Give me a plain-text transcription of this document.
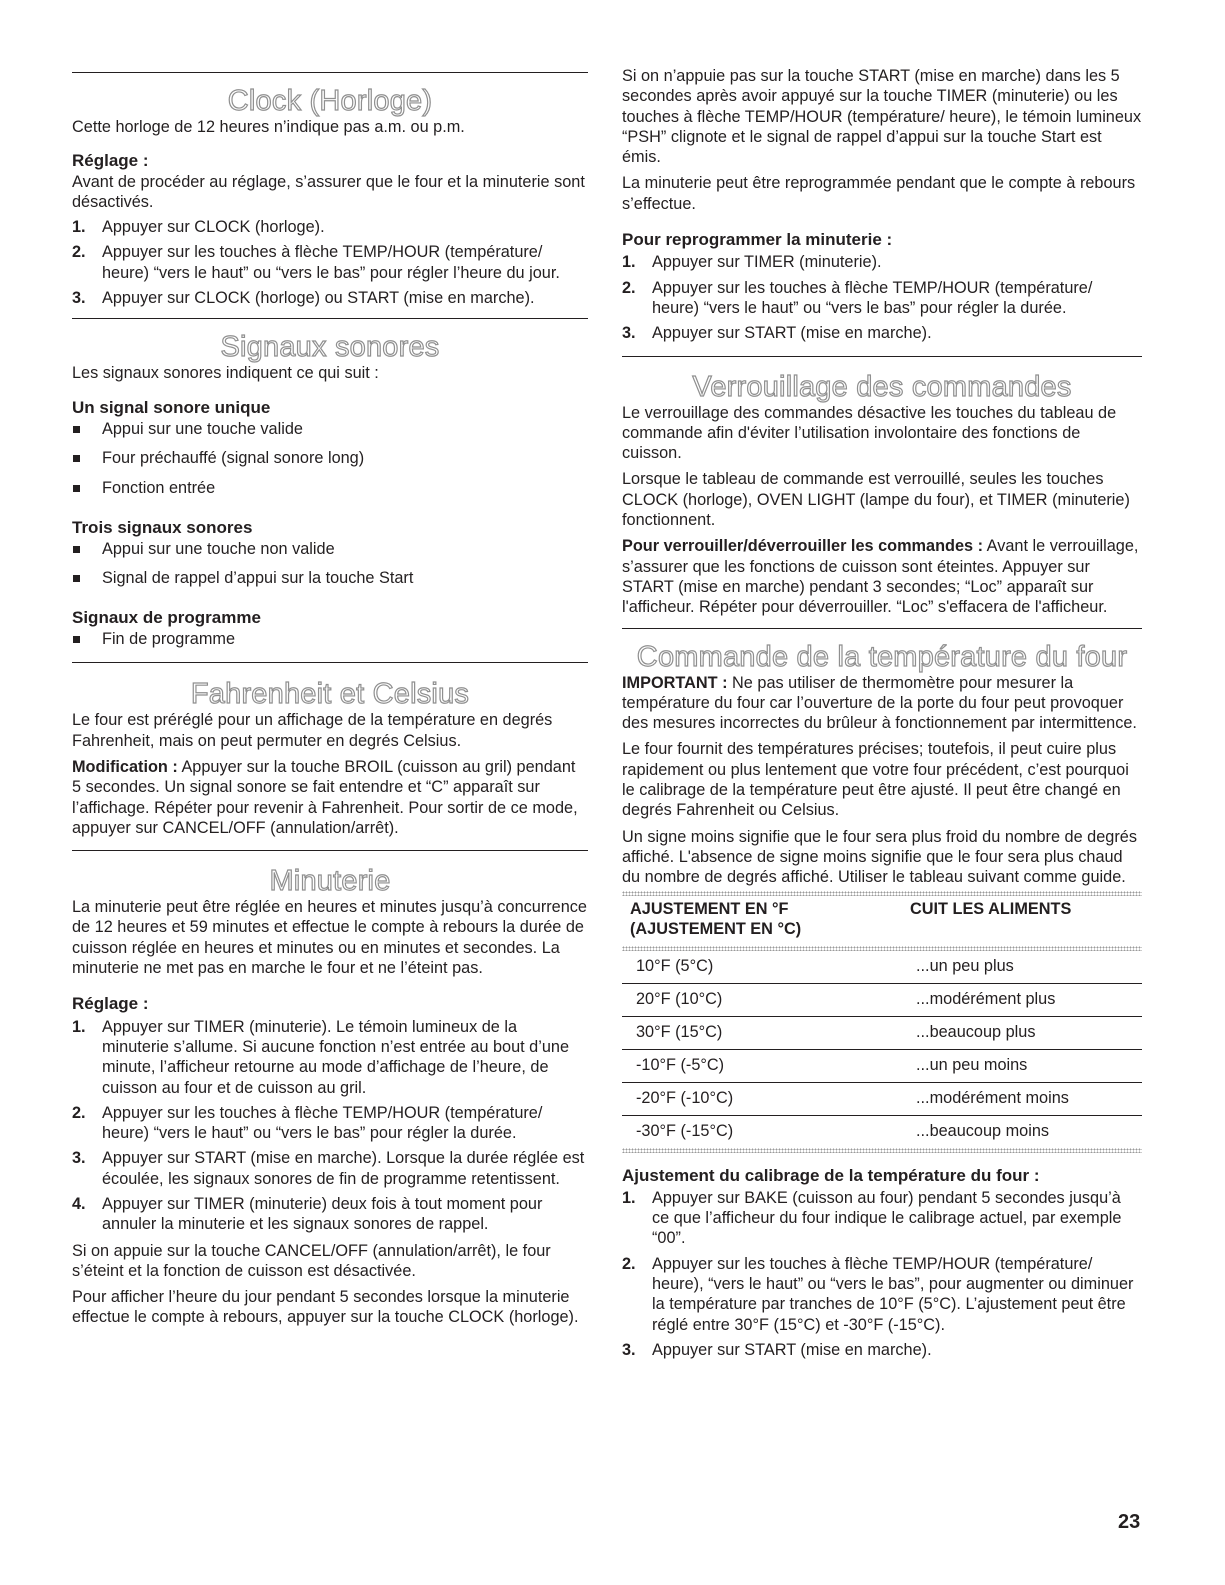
Clock (Horloge)

Cette horloge de 12 heures n’indique pas a.m. ou p.m.

Réglage :

Avant de procéder au réglage, s’assurer que le four et la minuterie sont désactivés.

1. Appuyer sur CLOCK (horloge).
2. Appuyer sur les touches à flèche TEMP/HOUR (température/ heure) “vers le haut” ou “vers le bas” pour régler l’heure du jour.
3. Appuyer sur CLOCK (horloge) ou START (mise en marche).
Signaux sonores

Les signaux sonores indiquent ce qui suit :

Un signal sonore unique

Appui sur une touche valide
Four préchauffé (signal sonore long)
Fonction entrée

Trois signaux sonores

Appui sur une touche non valide
Signal de rappel d’appui sur la touche Start

Signaux de programme

Fin de programme
Fahrenheit et Celsius

Le four est préréglé pour un affichage de la température en degrés Fahrenheit, mais on peut permuter en degrés Celsius.

Modification : Appuyer sur la touche BROIL (cuisson au gril) pendant 5 secondes. Un signal sonore se fait entendre et “C” apparaît sur l’affichage. Répéter pour revenir à Fahrenheit. Pour sortir de ce mode, appuyer sur CANCEL/OFF (annulation/arrêt).

Minuterie

La minuterie peut être réglée en heures et minutes jusqu’à concurrence de 12 heures et 59 minutes et effectue le compte à rebours la durée de cuisson réglée en heures et minutes ou en minutes et secondes. La minuterie ne met pas en marche le four et ne l’éteint pas.

Réglage :

1. Appuyer sur TIMER (minuterie). Le témoin lumineux de la minuterie s’allume. Si aucune fonction n’est entrée au bout d’une minute, l’afficheur retourne au mode d’affichage de l’heure, de cuisson au four et de cuisson au gril.
2. Appuyer sur les touches à flèche TEMP/HOUR (température/ heure) “vers le haut” ou “vers le bas” pour régler la durée.
3. Appuyer sur START (mise en marche). Lorsque la durée réglée est écoulée, les signaux sonores de fin de programme retentissent.
4. Appuyer sur TIMER (minuterie) deux fois à tout moment pour annuler la minuterie et les signaux sonores de rappel.

Si on appuie sur la touche CANCEL/OFF (annulation/arrêt), le four s’éteint et la fonction de cuisson est désactivée.

Pour afficher l’heure du jour pendant 5 secondes lorsque la minuterie effectue le compte à rebours, appuyer sur la touche CLOCK (horloge).

Si on n’appuie pas sur la touche START (mise en marche) dans les 5 secondes après avoir appuyé sur la touche TIMER (minuterie) ou les touches à flèche TEMP/HOUR (température/ heure), le témoin lumineux “PSH” clignote et le signal de rappel d’appui sur la touche Start est émis.

La minuterie peut être reprogrammée pendant que le compte à rebours s’effectue.

Pour reprogrammer la minuterie :

1. Appuyer sur TIMER (minuterie).
2. Appuyer sur les touches à flèche TEMP/HOUR (température/ heure) “vers le haut” ou “vers le bas” pour régler la durée.
3. Appuyer sur START (mise en marche).
Verrouillage des commandes

Le verrouillage des commandes désactive les touches du tableau de commande afin d'éviter l’utilisation involontaire des fonctions de cuisson.

Lorsque le tableau de commande est verrouillé, seules les touches CLOCK (horloge), OVEN LIGHT (lampe du four), et TIMER (minuterie) fonctionnent.

Pour verrouiller/déverrouiller les commandes : Avant le verrouillage, s’assurer que les fonctions de cuisson sont éteintes. Appuyer sur START (mise en marche) pendant 3 secondes; “Loc” apparaît sur l'afficheur. Répéter pour déverrouiller. “Loc” s'effacera de l'afficheur.

Commande de la température du four

IMPORTANT : Ne pas utiliser de thermomètre pour mesurer la température du four car l’ouverture de la porte du four peut provoquer des mesures incorrectes du brûleur à fonctionnement par intermittence.

Le four fournit des températures précises; toutefois, il peut cuire plus rapidement ou plus lentement que votre four précédent, c’est pourquoi le calibrage de la température peut être ajusté. Il peut être changé en degrés Fahrenheit ou Celsius.

Un signe moins signifie que le four sera plus froid du nombre de degrés affiché. L'absence de signe moins signifie que le four sera plus chaud du nombre de degrés affiché. Utiliser le tableau suivant comme guide.

AJUSTEMENT EN °F
(AJUSTEMENT EN °C)	CUIT LES ALIMENTS

10°F (5°C)	...un peu plus
20°F (10°C)	...modérément plus
30°F (15°C)	...beaucoup plus
-10°F (-5°C)	...un peu moins
-20°F (-10°C)	...modérément moins
-30°F (-15°C)	...beaucoup moins

Ajustement du calibrage de la température du four :

1. Appuyer sur BAKE (cuisson au four) pendant 5 secondes jusqu’à ce que l’afficheur du four indique le calibrage actuel, par exemple “00”.
2. Appuyer sur les touches à flèche TEMP/HOUR (température/ heure), “vers le haut” ou “vers le bas”, pour augmenter ou diminuer la température par tranches de 10°F (5°C). L’ajustement peut être réglé entre 30°F (15°C) et -30°F (-15°C).
3. Appuyer sur START (mise en marche).
23
